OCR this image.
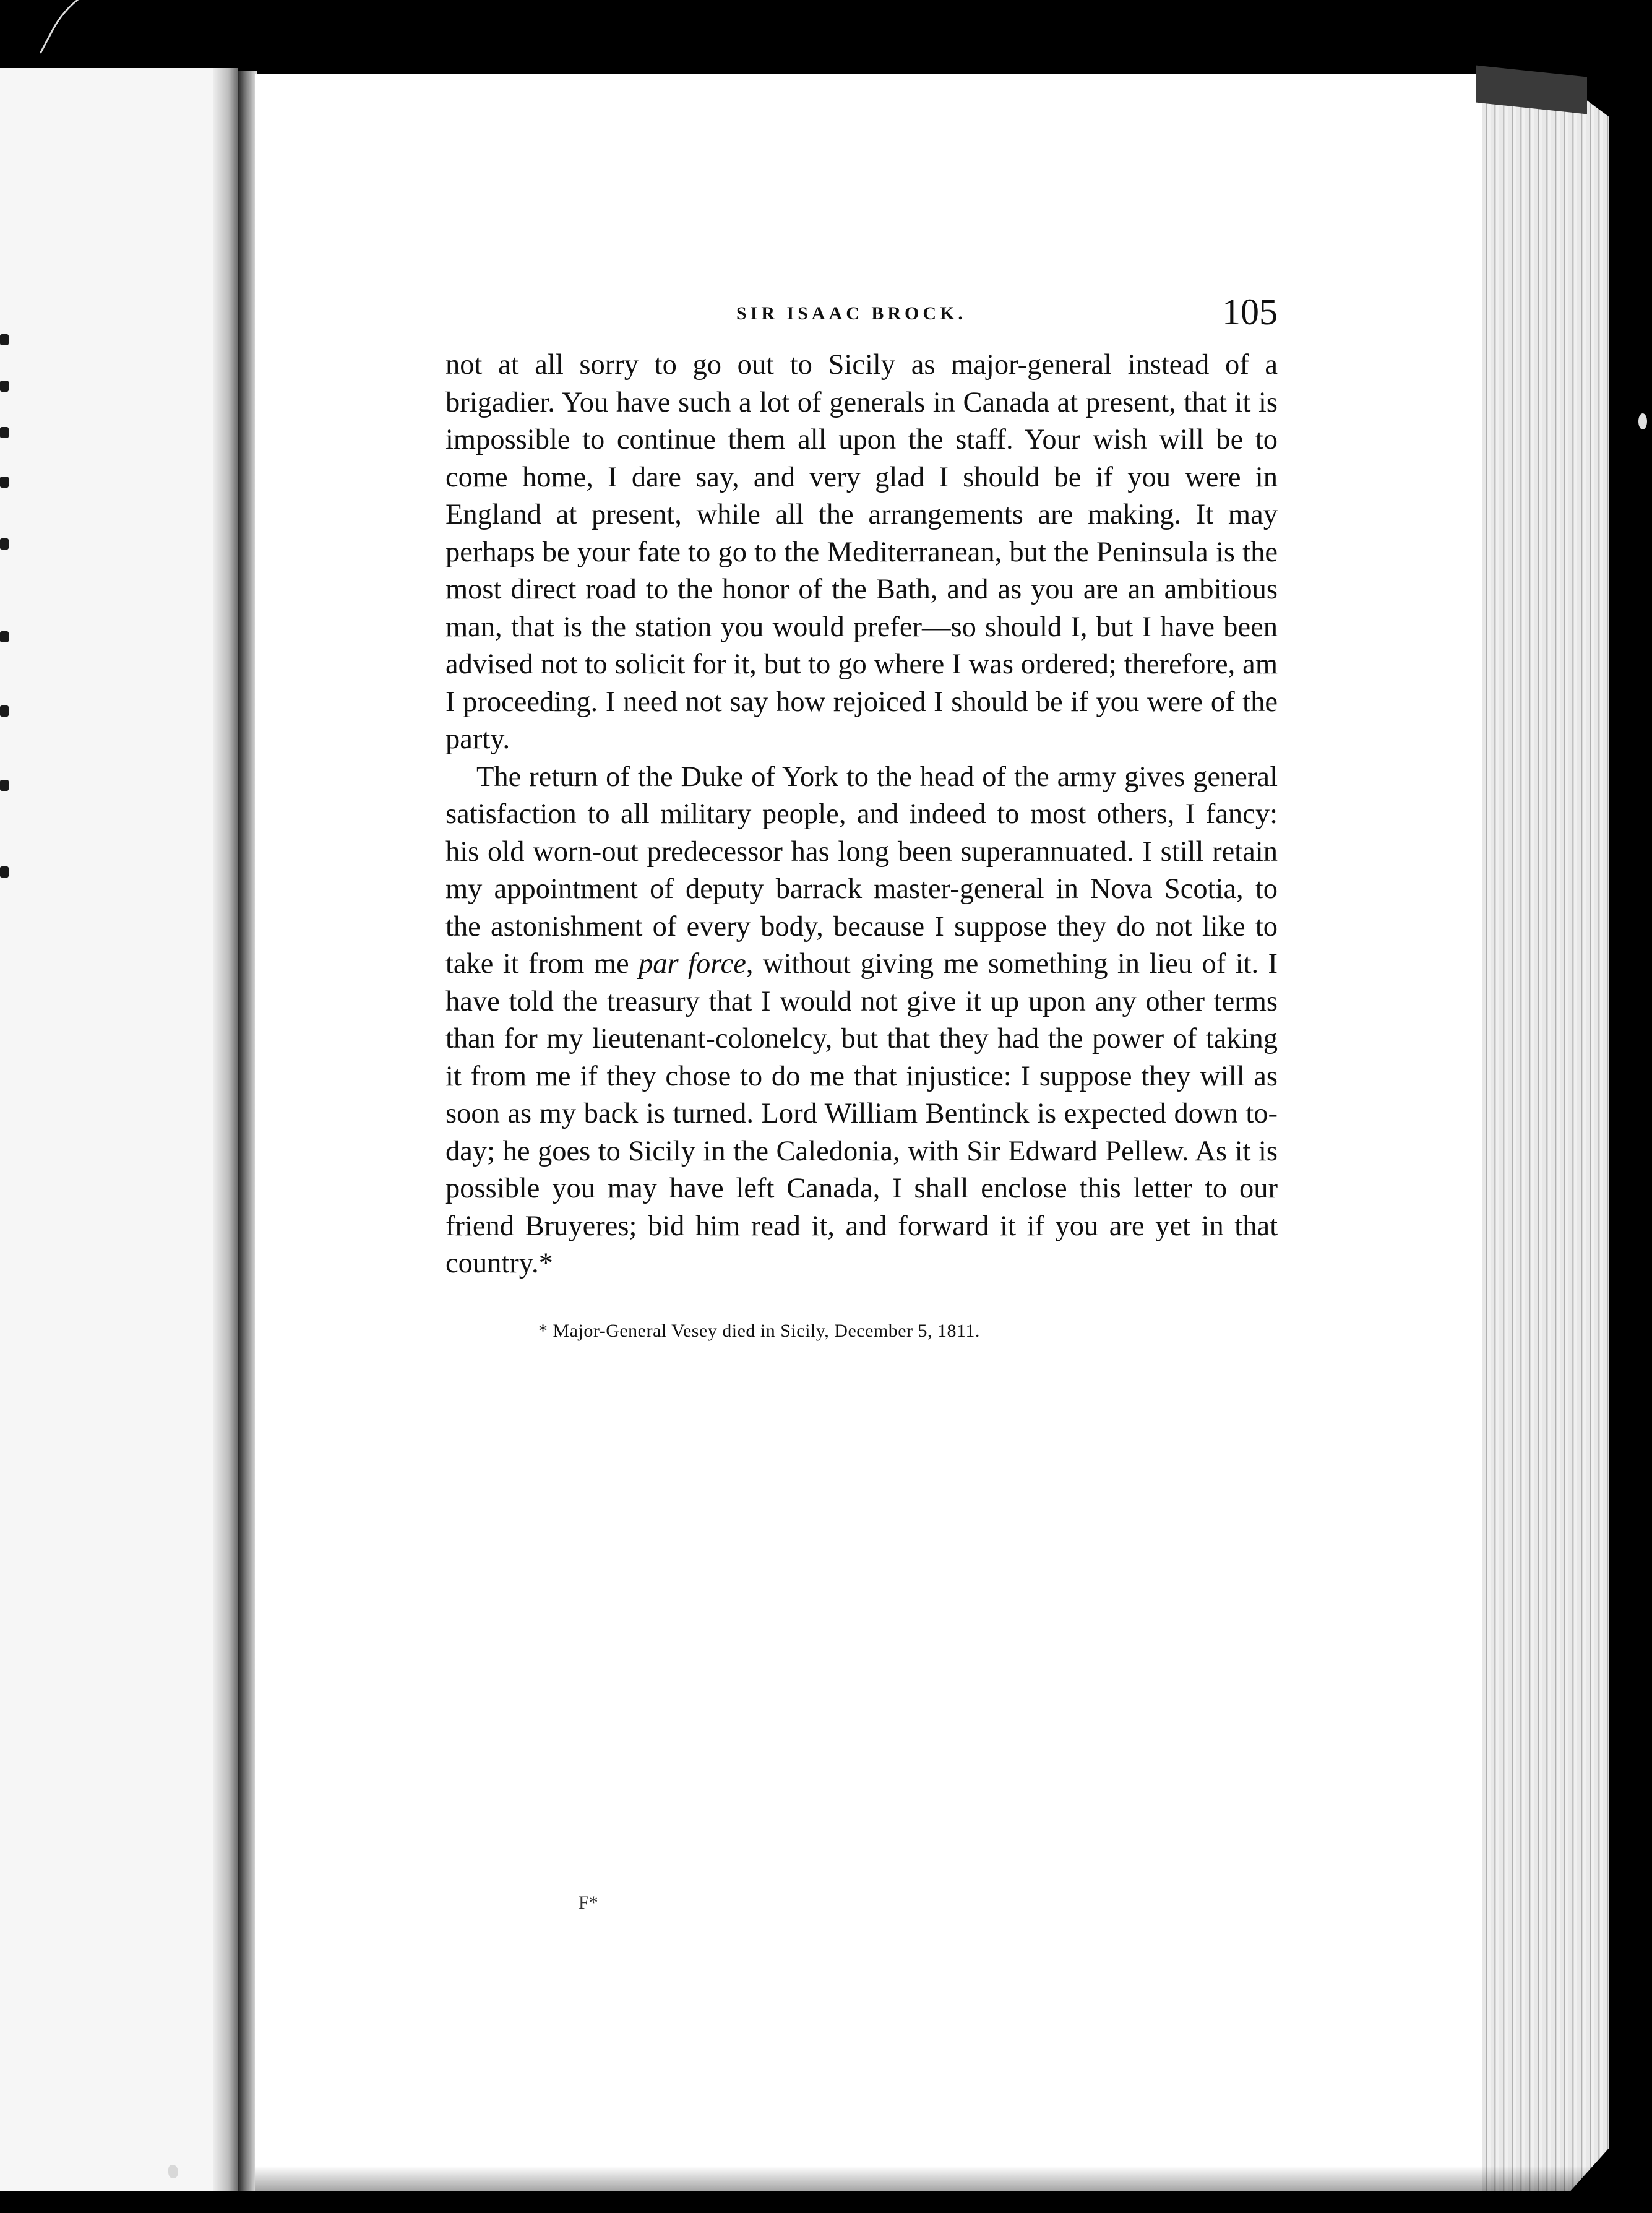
SIR ISAAC BROCK.	105

not at all sorry to go out to Sicily as major-general instead of a brigadier. You have such a lot of generals in Canada at present, that it is impossible to continue them all upon the staff. Your wish will be to come home, I dare say, and very glad I should be if you were in England at present, while all the arrangements are making. It may perhaps be your fate to go to the Mediterranean, but the Peninsula is the most direct road to the honor of the Bath, and as you are an ambitious man, that is the station you would prefer—so should I, but I have been advised not to solicit for it, but to go where I was ordered; therefore, am I proceeding. I need not say how rejoiced I should be if you were of the party.

The return of the Duke of York to the head of the army gives general satisfaction to all military people, and indeed to most others, I fancy: his old worn-out predecessor has long been superannuated. I still retain my appointment of deputy barrack master-general in Nova Scotia, to the astonishment of every body, because I suppose they do not like to take it from me par force, without giving me something in lieu of it. I have told the treasury that I would not give it up upon any other terms than for my lieutenant-colonelcy, but that they had the power of taking it from me if they chose to do me that injustice: I suppose they will as soon as my back is turned. Lord William Bentinck is expected down to-day; he goes to Sicily in the Caledonia, with Sir Edward Pellew. As it is possible you may have left Canada, I shall enclose this letter to our friend Bruyeres; bid him read it, and forward it if you are yet in that country.*

* Major-General Vesey died in Sicily, December 5, 1811.
F*
